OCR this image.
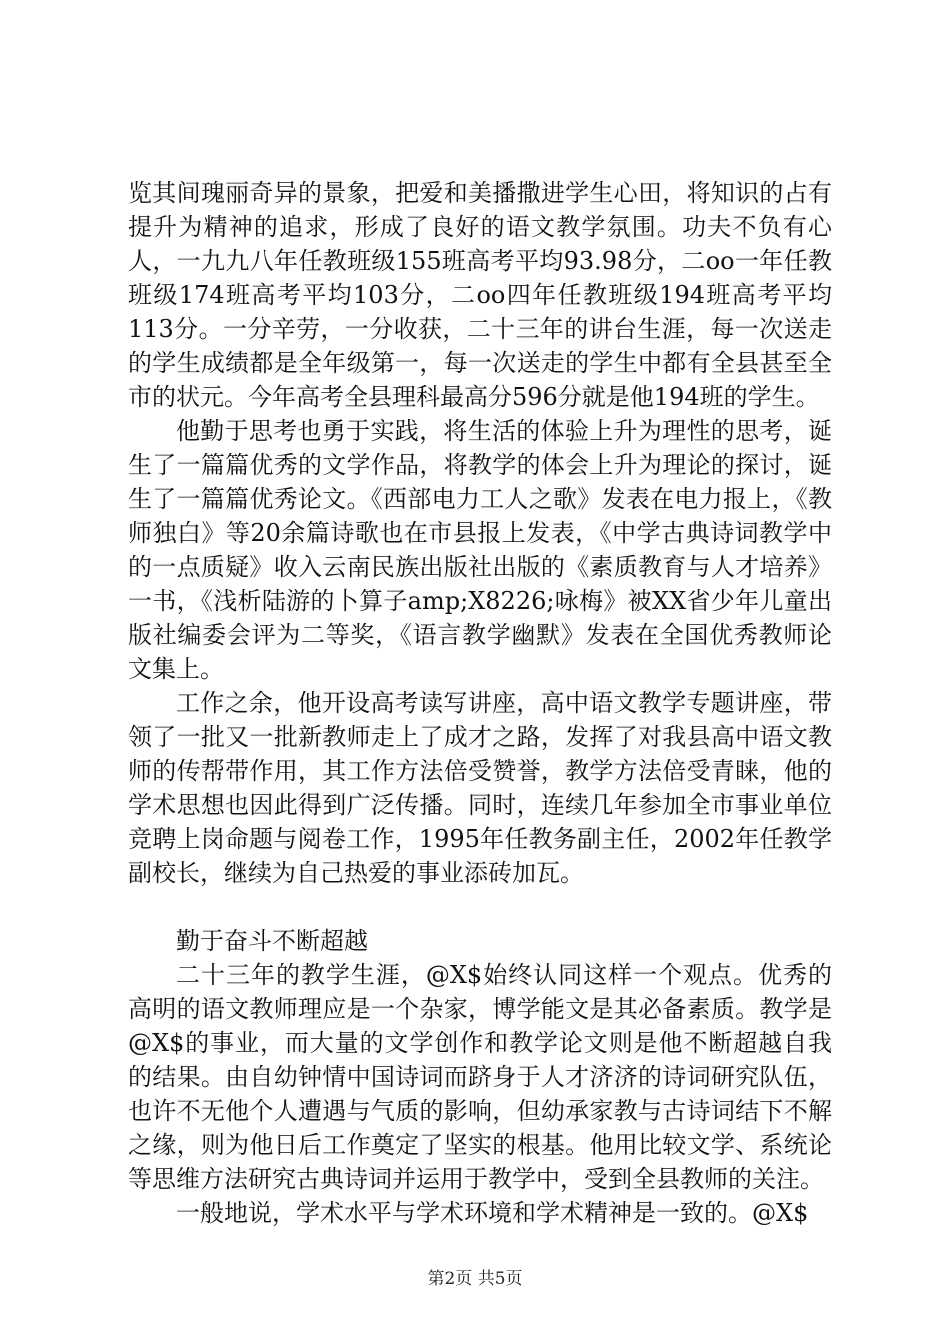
览其间瑰丽奇异的景象，把爱和美播撒进学生心田，将知识的占有提升为精神的追求，形成了良好的语文教学氛围。功夫不负有心人，一九九八年任教班级155班高考平均93.98分，二oo一年任教班级174班高考平均103分，二oo四年任教班级194班高考平均113分。一分辛劳，一分收获，二十三年的讲台生涯，每一次送走的学生成绩都是全年级第一，每一次送走的学生中都有全县甚至全市的状元。今年高考全县理科最高分596分就是他194班的学生。

他勤于思考也勇于实践，将生活的体验上升为理性的思考，诞生了一篇篇优秀的文学作品，将教学的体会上升为理论的探讨，诞生了一篇篇优秀论文。《西部电力工人之歌》发表在电力报上，《教师独白》等20余篇诗歌也在市县报上发表，《中学古典诗词教学中的一点质疑》收入云南民族出版社出版的《素质教育与人才培养》一书，《浅析陆游的卜算子amp;X8226;咏梅》被XX省少年儿童出版社编委会评为二等奖，《语言教学幽默》发表在全国优秀教师论文集上。

工作之余，他开设高考读写讲座，高中语文教学专题讲座，带领了一批又一批新教师走上了成才之路，发挥了对我县高中语文教师的传帮带作用，其工作方法倍受赞誉，教学方法倍受青睐，他的学术思想也因此得到广泛传播。同时，连续几年参加全市事业单位竞聘上岗命题与阅卷工作，1995年任教务副主任，2002年任教学副校长，继续为自己热爱的事业添砖加瓦。

勤于奋斗不断超越

二十三年的教学生涯，@X$始终认同这样一个观点。优秀的高明的语文教师理应是一个杂家，博学能文是其必备素质。教学是@X$的事业，而大量的文学创作和教学论文则是他不断超越自我的结果。由自幼钟情中国诗词而跻身于人才济济的诗词研究队伍，也许不无他个人遭遇与气质的影响，但幼承家教与古诗词结下不解之缘，则为他日后工作奠定了坚实的根基。他用比较文学、系统论等思维方法研究古典诗词并运用于教学中，受到全县教师的关注。

一般地说，学术水平与学术环境和学术精神是一致的。@X$

第2页 共5页
